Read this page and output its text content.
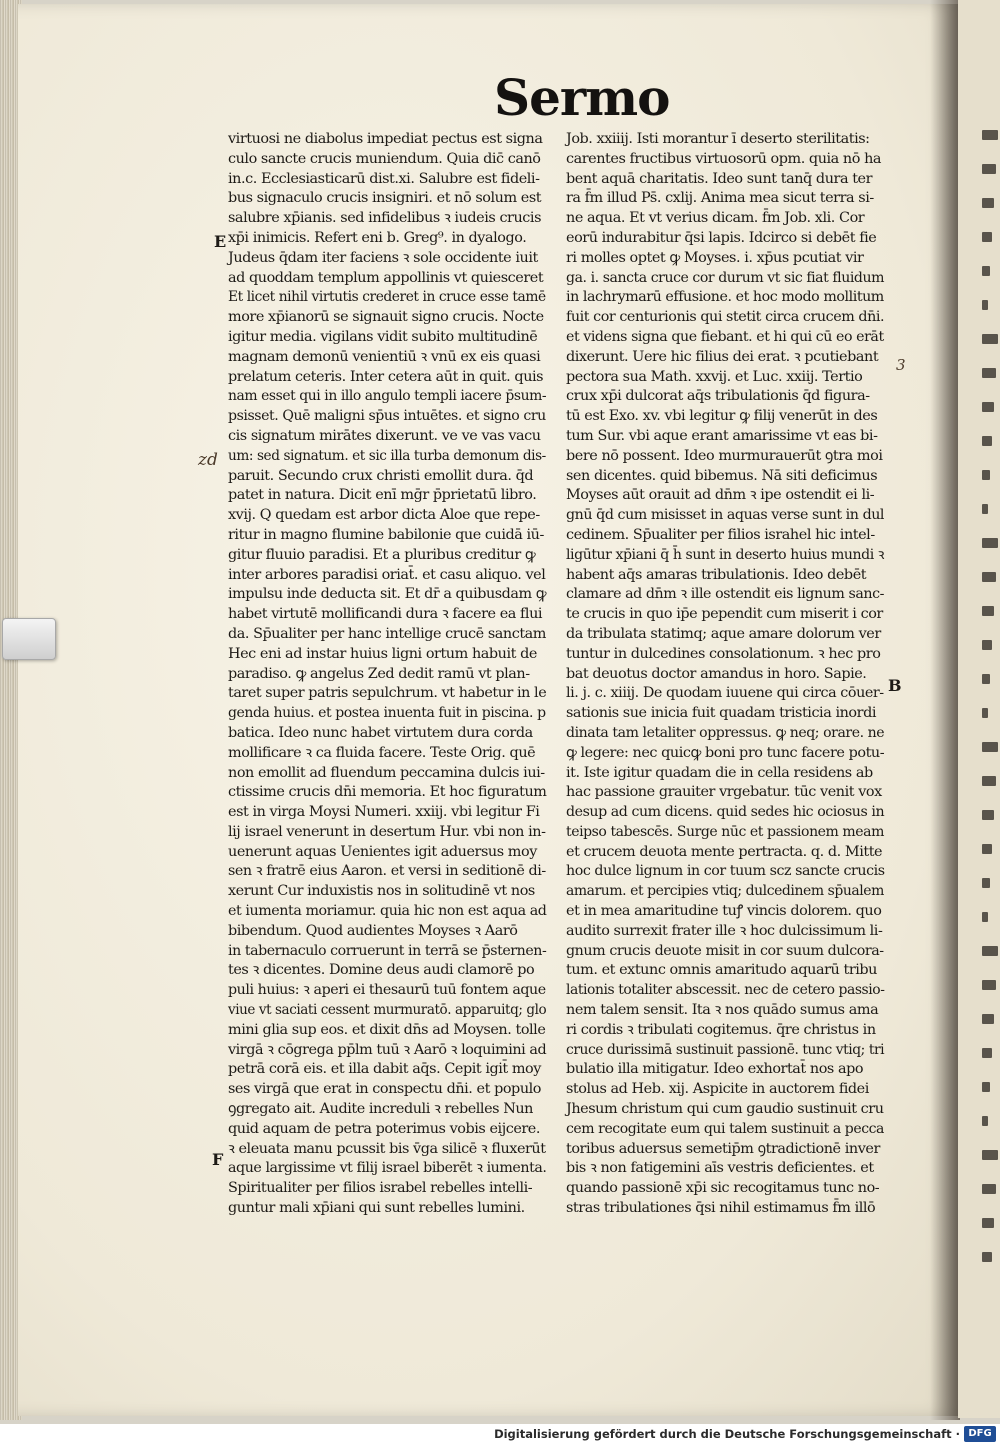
Sermo
virtuosi ne diabolus impediat pectus est signa
culo sancte crucis muniendum. Quia dic̄ canō
in.c. Ecclesiasticarū dist.xi. Salubre est fideli-
bus signaculo crucis insigniri. et nō solum est
salubre xp̄ianis. sed infidelibus ꝛ iudeis crucis
xp̄i inimicis. Refert eni b. Greg⁹. in dyalogo.
Judeus q̄dam iter faciens ꝛ sole occidente iuit
ad quoddam templum appollinis vt quiesceret
Et licet nihil virtutis crederet in cruce esse tamē
more xp̄ianorū se signauit signo crucis. Nocte
igitur media. vigilans vidit subito multitudinē
magnam demonū venientiū ꝛ vnū ex eis quasi
prelatum ceteris. Inter cetera aūt in quit. quis
nam esset qui in illo angulo templi iacere p̄sum-
psisset. Quē maligni sp̄us intuētes. et signo cru
cis signatum mirātes dixerunt. ve ve vas vacu
um: sed signatum. et sic illa turba demonum dis-
paruit. Secundo crux christi emollit dura. q̄d
patet in natura. Dicit enī mḡr p̄prietatū libro.
xvij. Q quedam est arbor dicta Aloe que repe-
ritur in magno flumine babilonie que cuidā iū-
gitur fluuio paradisi. Et a pluribus creditur ꝙ
inter arbores paradisi oriat̄. et casu aliquo. vel
impulsu inde deducta sit. Et dr̄ a quibusdam ꝙ
habet virtutē mollificandi dura ꝛ facere ea flui
da. Sp̄ualiter per hanc intellige crucē sanctam
Hec eni ad instar huius ligni ortum habuit de
paradiso. ꝙ angelus Zed dedit ramū vt plan-
taret super patris sepulchrum. vt habetur in le
genda huius. et postea inuenta fuit in piscina. p
batica. Ideo nunc habet virtutem dura corda
mollificare ꝛ ca fluida facere. Teste Orig. quē
non emollit ad fluendum peccamina dulcis iui-
ctissime crucis dn̄i memoria. Et hoc figuratum
est in virga Moysi Numeri. xxiij. vbi legitur Fi
lij israel venerunt in desertum Hur. vbi non in-
uenerunt aquas Uenientes igit aduersus moy
sen ꝛ fratrē eius Aaron. et versi in seditionē di-
xerunt Cur induxistis nos in solitudinē vt nos
et iumenta moriamur. quia hic non est aqua ad
bibendum. Quod audientes Moyses ꝛ Aarō
in tabernaculo corruerunt in terrā se p̄sternen-
tes ꝛ dicentes. Domine deus audi clamorē po
puli huius: ꝛ aperi ei thesaurū tuū fontem aque
viue vt saciati cessent murmuratō. apparuitq; glo
mini glia sup eos. et dixit dn̄s ad Moysen. tolle
virgā ꝛ cōgrega pp̄lm tuū ꝛ Aarō ꝛ loquimini ad
petrā corā eis. et illa dabit aq̄s. Cepit igit̄ moy
ses virgā que erat in conspectu dn̄i. et populo
ꝯgregato ait. Audite increduli ꝛ rebelles Nun
quid aquam de petra poterimus vobis eijcere.
ꝛ eleuata manu pcussit bis v̄ga silicē ꝛ fluxerūt
aque largissime vt filij israel biberēt ꝛ iumenta.
Spiritualiter per filios israbel rebelles intelli-
guntur mali xp̄iani qui sunt rebelles lumini.
Job. xxiiij. Isti morantur ī deserto sterilitatis:
carentes fructibus virtuosorū opm. quia nō ha
bent aquā charitatis. Ideo sunt tanq̄ dura ter
ra f̄m illud Ps̄. cxlij. Anima mea sicut terra si-
ne aqua. Et vt verius dicam. f̄m Job. xli. Cor
eorū indurabitur q̄si lapis. Idcirco si debēt fie
ri molles optet ꝙ Moyses. i. xp̄us pcutiat vir
ga. i. sancta cruce cor durum vt sic fiat fluidum
in lachrymarū effusione. et hoc modo mollitum
fuit cor centurionis qui stetit circa crucem dn̄i.
et videns signa que fiebant. et hi qui cū eo erāt
dixerunt. Uere hic filius dei erat. ꝛ pcutiebant
pectora sua Math. xxvij. et Luc. xxiij. Tertio
crux xp̄i dulcorat aq̄s tribulationis q̄d figura-
tū est Exo. xv. vbi legitur ꝙ filij venerūt in des
tum Sur. vbi aque erant amarissime vt eas bi-
bere nō possent. Ideo murmurauerūt ꝯtra moi
sen dicentes. quid bibemus. Nā siti deficimus
Moyses aūt orauit ad dn̄m ꝛ ipe ostendit ei li-
gnū q̄d cum misisset in aquas verse sunt in dul
cedinem. Sp̄ualiter per filios israhel hic intel-
ligūtur xp̄iani q̄ h̄ sunt in deserto huius mundi ꝛ
habent aq̄s amaras tribulationis. Ideo debēt
clamare ad dn̄m ꝛ ille ostendit eis lignum sanc-
te crucis in quo ip̄e pependit cum miserit i cor
da tribulata statimq; aque amare dolorum ver
tuntur in dulcedines consolationum. ꝛ hec pro
bat deuotus doctor amandus in horo. Sapie.
li. j. c. xiiij. De quodam iuuene qui circa cōuer-
sationis sue inicia fuit quadam tristicia inordi
dinata tam letaliter oppressus. ꝙ neq; orare. ne
ꝙ legere: nec quicꝙ boni pro tunc facere potu-
it. Iste igitur quadam die in cella residens ab
hac passione grauiter vrgebatur. tūc venit vox
desup ad cum dicens. quid sedes hic ociosus in
teipso tabescēs. Surge nūc et passionem meam
et crucem deuota mente pertracta. q. d. Mitte
hoc dulce lignum in cor tuum scz sancte crucis
amarum. et percipies vtiq; dulcedinem sp̄ualem
et in mea amaritudine tuꝭ vincis dolorem. quo
audito surrexit frater ille ꝛ hoc dulcissimum li-
gnum crucis deuote misit in cor suum dulcora-
tum. et extunc omnis amaritudo aquarū tribu
lationis totaliter abscessit. nec de cetero passio-
nem talem sensit. Ita ꝛ nos quādo sumus ama
ri cordis ꝛ tribulati cogitemus. q̄re christus in
cruce durissimā sustinuit passionē. tunc vtiq; tri
bulatio illa mitigatur. Ideo exhortat̄ nos apo
stolus ad Heb. xij. Aspicite in auctorem fidei
Jhesum christum qui cum gaudio sustinuit cru
cem recogitate eum qui talem sustinuit a pecca
toribus aduersus semetip̄m ꝯtradictionē inver
bis ꝛ non fatigemini aīs vestris deficientes. et
quando passionē xp̄i sic recogitamus tunc no-
stras tribulationes q̄si nihil estimamus f̄m illō
E
F
B
zd
3
Digitalisierung gefördert durch die Deutsche Forschungsgemeinschaft · DFG
